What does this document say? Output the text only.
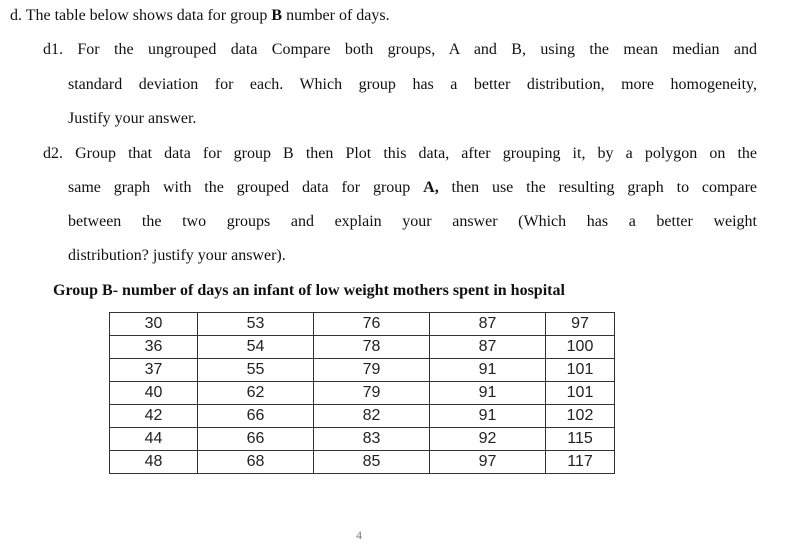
d. The table below shows data for group B number of days.
d1. For the ungrouped data Compare both groups, A and B, using the mean median and
standard deviation for each. Which group has a better distribution, more homogeneity,
Justify your answer.
d2. Group that data for group B then Plot this data, after grouping it, by a polygon on the
same graph with the grouped data for group A, then use the resulting graph to compare
between the two groups and explain your answer (Which has a better weight
distribution? justify your answer).
Group B- number of days an infant of low weight mothers spent in hospital
30	53	76	87	97
36	54	78	87	100
37	55	79	91	101
40	62	79	91	101
42	66	82	91	102
44	66	83	92	115
48	68	85	97	117
4
